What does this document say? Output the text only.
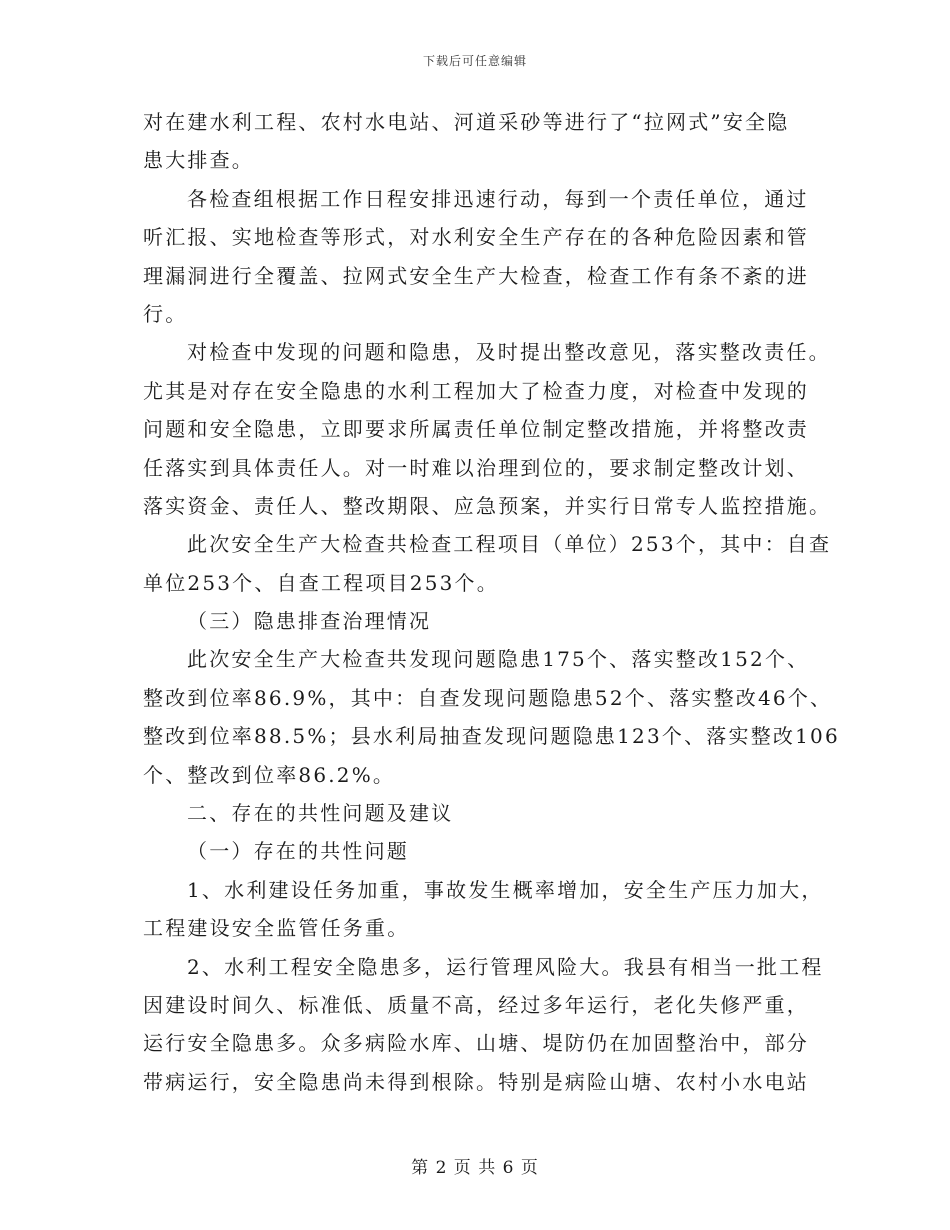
下载后可任意编辑
对在建水利工程、农村水电站、河道采砂等进行了“拉网式”安全隐
患大排查。
各检查组根据工作日程安排迅速行动，每到一个责任单位，通过
听汇报、实地检查等形式，对水利安全生产存在的各种危险因素和管
理漏洞进行全覆盖、拉网式安全生产大检查，检查工作有条不紊的进
行。
对检查中发现的问题和隐患，及时提出整改意见，落实整改责任。
尤其是对存在安全隐患的水利工程加大了检查力度，对检查中发现的
问题和安全隐患，立即要求所属责任单位制定整改措施，并将整改责
任落实到具体责任人。对一时难以治理到位的，要求制定整改计划、
落实资金、责任人、整改期限、应急预案，并实行日常专人监控措施。
此次安全生产大检查共检查工程项目（单位）253个，其中：自查
单位253个、自查工程项目253个。
（三）隐患排查治理情况
此次安全生产大检查共发现问题隐患175个、落实整改152个、
整改到位率86.9%，其中：自查发现问题隐患52个、落实整改46个、
整改到位率88.5%；县水利局抽查发现问题隐患123个、落实整改106
个、整改到位率86.2%。
二、存在的共性问题及建议
（一）存在的共性问题
1、水利建设任务加重，事故发生概率增加，安全生产压力加大，
工程建设安全监管任务重。
2、水利工程安全隐患多，运行管理风险大。我县有相当一批工程
因建设时间久、标准低、质量不高，经过多年运行，老化失修严重，
运行安全隐患多。众多病险水库、山塘、堤防仍在加固整治中，部分
带病运行，安全隐患尚未得到根除。特别是病险山塘、农村小水电站
第 2 页 共 6 页
